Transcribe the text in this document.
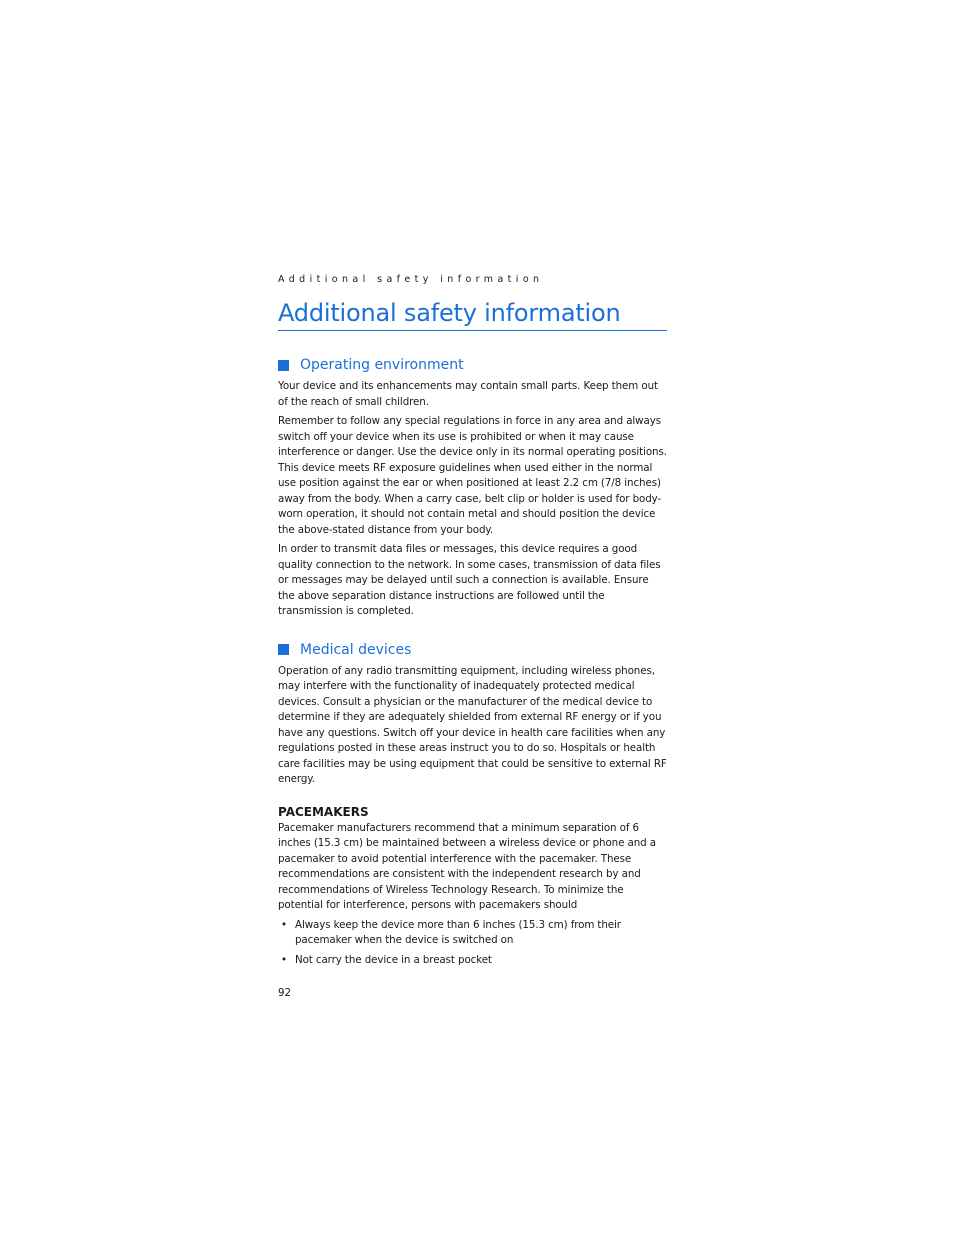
Additional safety information
Additional safety information
Operating environment

Your device and its enhancements may contain small parts. Keep them out of the reach of small children.

Remember to follow any special regulations in force in any area and always switch off your device when its use is prohibited or when it may cause interference or danger. Use the device only in its normal operating positions. This device meets RF exposure guidelines when used either in the normal use position against the ear or when positioned at least 2.2 cm (7/8 inches) away from the body. When a carry case, belt clip or holder is used for body-worn operation, it should not contain metal and should position the device the above-stated distance from your body.

In order to transmit data files or messages, this device requires a good quality connection to the network. In some cases, transmission of data files or messages may be delayed until such a connection is available. Ensure the above separation distance instructions are followed until the transmission is completed.

Medical devices

Operation of any radio transmitting equipment, including wireless phones, may interfere with the functionality of inadequately protected medical devices. Consult a physician or the manufacturer of the medical device to determine if they are adequately shielded from external RF energy or if you have any questions. Switch off your device in health care facilities when any regulations posted in these areas instruct you to do so. Hospitals or health care facilities may be using equipment that could be sensitive to external RF energy.

PACEMAKERS

Pacemaker manufacturers recommend that a minimum separation of 6 inches (15.3 cm) be maintained between a wireless device or phone and a pacemaker to avoid potential interference with the pacemaker. These recommendations are consistent with the independent research by and recommendations of Wireless Technology Research. To minimize the potential for interference, persons with pacemakers should

• Always keep the device more than 6 inches (15.3 cm) from their pacemaker when the device is switched on
• Not carry the device in a breast pocket
92
